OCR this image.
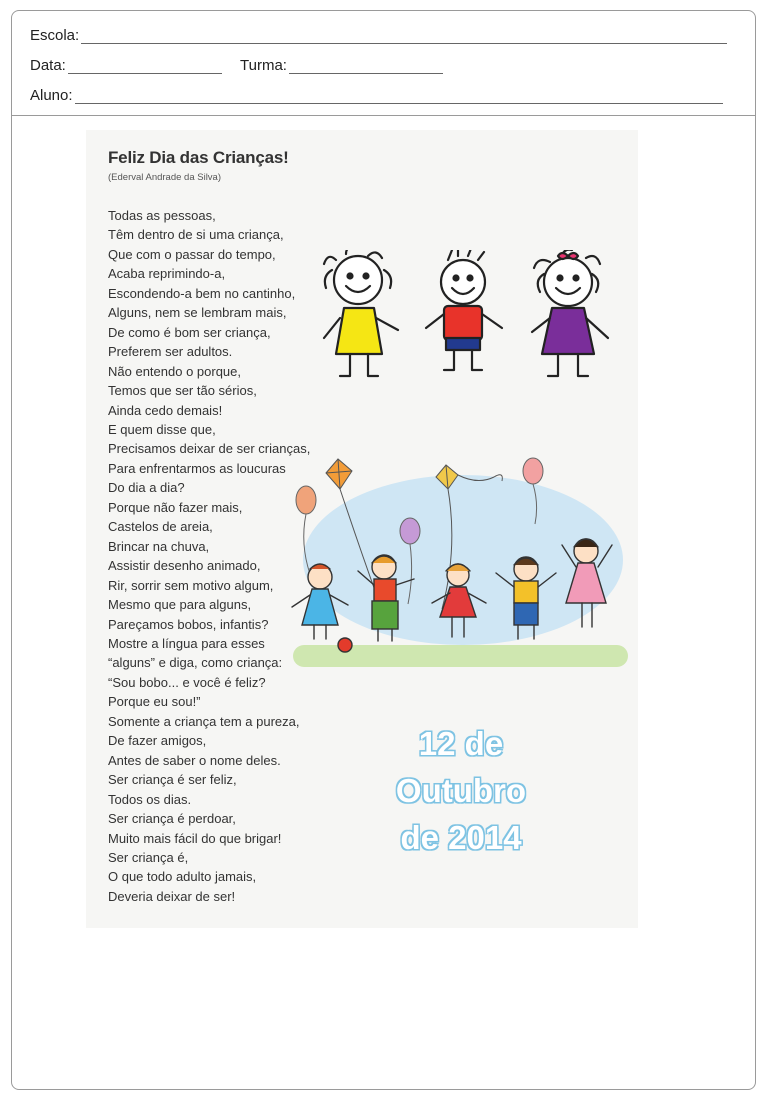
Escola:
Data:	Turma:
Aluno:
Feliz Dia das Crianças!
(Ederval Andrade da Silva)
Todas as pessoas,
Têm dentro de si uma criança,
Que com o passar do tempo,
Acaba reprimindo-a,
Escondendo-a bem no cantinho,
Alguns, nem se lembram mais,
De como é bom ser criança,
Preferem ser adultos.
Não entendo o porque,
Temos que ser tão sérios,
Ainda cedo demais!
E quem disse que,
Precisamos deixar de ser crianças,
Para enfrentarmos as loucuras
Do dia a dia?
Porque não fazer mais,
Castelos de areia,
Brincar na chuva,
Assistir desenho animado,
Rir, sorrir sem motivo algum,
Mesmo que para alguns,
Pareçamos bobos, infantis?
Mostre a língua para esses
“alguns” e diga, como criança:
“Sou bobo... e você é feliz?
Porque eu sou!”
Somente a criança tem a pureza,
De fazer amigos,
Antes de saber o nome deles.
Ser criança é ser feliz,
Todos os dias.
Ser criança é perdoar,
Muito mais fácil do que brigar!
Ser criança é,
O que todo adulto jamais,
Deveria deixar de ser!
12 de
Outubro
de 2014
